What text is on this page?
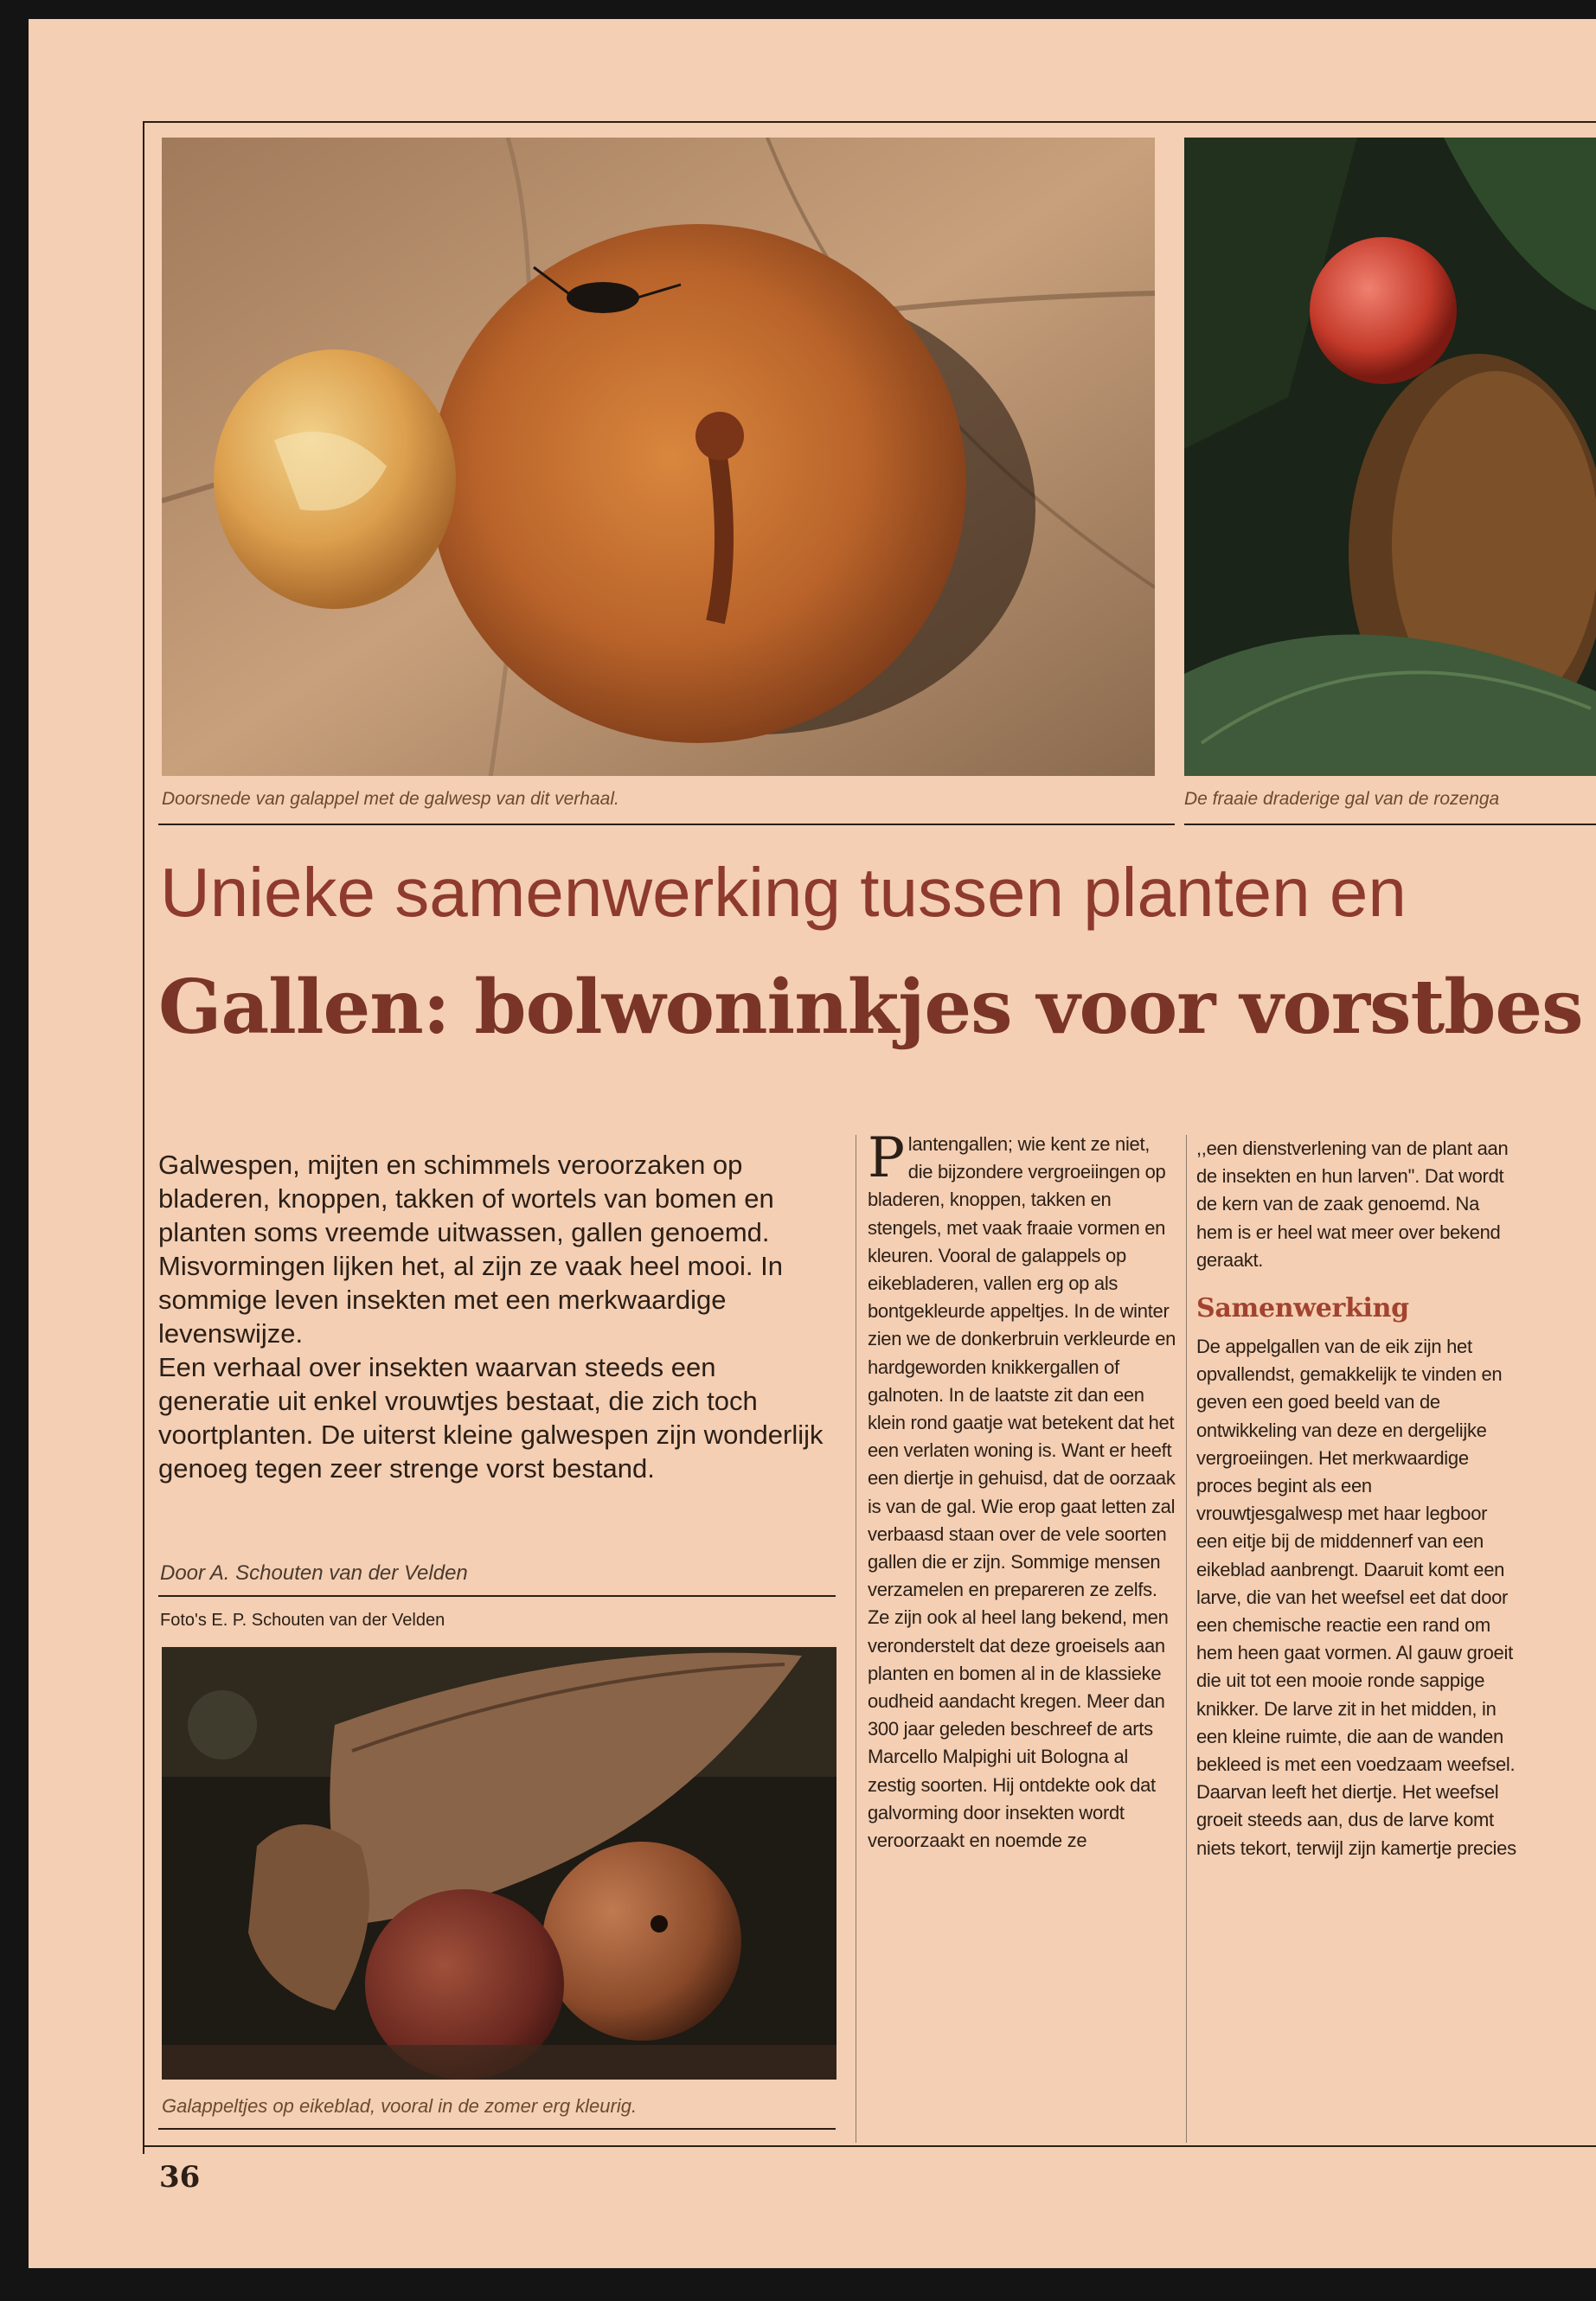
Doorsnede van galappel met de galwesp van dit verhaal.	De fraaie draderige gal van de rozenga
Unieke samenwerking tussen planten en
Gallen: bolwoninkjes voor vorstbes

Galwespen, mijten en schimmels veroorzaken op bladeren, knoppen, takken of wortels van bomen en planten soms vreemde uitwassen, gallen genoemd. Misvormingen lijken het, al zijn ze vaak heel mooi. In sommige leven insekten met een merkwaardige levenswijze.

Een verhaal over insekten waarvan steeds een generatie uit enkel vrouwtjes bestaat, die zich toch voortplanten. De uiterst kleine galwespen zijn wonderlijk genoeg tegen zeer strenge vorst bestand.

Door A. Schouten van der Velden
Foto's E. P. Schouten van der Velden
Galappeltjes op eikeblad, vooral in de zomer erg kleurig.

Plantengallen; wie kent ze niet, die bijzondere vergroeiingen op bladeren, knoppen, takken en stengels, met vaak fraaie vormen en kleuren. Vooral de galappels op eikebladeren, vallen erg op als bontgekleurde appeltjes. In de winter zien we de donkerbruin verkleurde en hardgeworden knikkergallen of galnoten. In de laatste zit dan een klein rond gaatje wat betekent dat het een verlaten woning is. Want er heeft een diertje in gehuisd, dat de oorzaak is van de gal. Wie erop gaat letten zal verbaasd staan over de vele soorten gallen die er zijn. Sommige mensen verzamelen en prepareren ze zelfs. Ze zijn ook al heel lang bekend, men veronderstelt dat deze groeisels aan planten en bomen al in de klassieke oudheid aandacht kregen. Meer dan 300 jaar geleden beschreef de arts Marcello Malpighi uit Bologna al zestig soorten. Hij ontdekte ook dat galvorming door insekten wordt veroorzaakt en noemde ze

,,een dienstverlening van de plant aan de insekten en hun larven''. Dat wordt de kern van de zaak genoemd. Na hem is er heel wat meer over bekend geraakt.

Samenwerking

De appelgallen van de eik zijn het opvallendst, gemakkelijk te vinden en geven een goed beeld van de ontwikkeling van deze en dergelijke vergroeiingen. Het merkwaardige proces begint als een vrouwtjesgalwesp met haar legboor een eitje bij de middennerf van een eikeblad aanbrengt. Daaruit komt een larve, die van het weefsel eet dat door een chemische reactie een rand om hem heen gaat vormen. Al gauw groeit die uit tot een mooie ronde sappige knikker. De larve zit in het midden, in een kleine ruimte, die aan de wanden bekleed is met een voedzaam weefsel. Daarvan leeft het diertje. Het weefsel groeit steeds aan, dus de larve komt niets tekort, terwijl zijn kamertje precies

36
